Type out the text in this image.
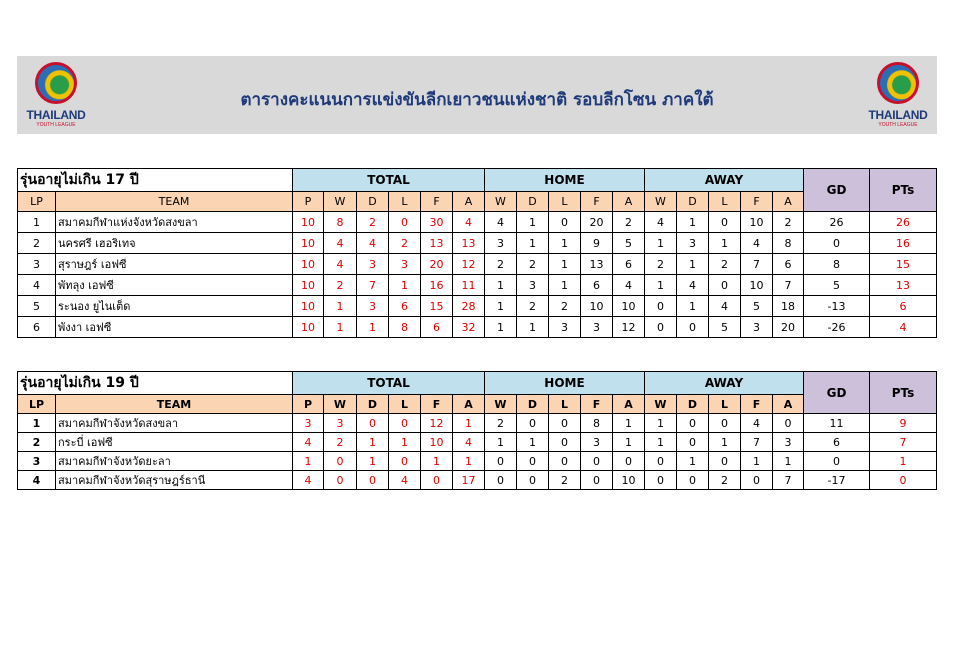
THAILAND
YOUTH LEAGUE
ตารางคะแนนการแข่งขันลีกเยาวชนแห่งชาติ รอบลีกโซน ภาคใต้
THAILAND
YOUTH LEAGUE
รุ่นอายุไม่เกิน 17 ปี		TOTAL						HOME					AWAY					GD	PTs
LP	TEAM	P	W	D	L	F	A	W	D	L	F	A	W	D	L	F	A		
1	สมาคมกีฬาแห่งจังหวัดสงขลา	10	8	2	0	30	4	4	1	0	20	2	4	1	0	10	2	26	26
2	นครศรี เฮอริเทจ	10	4	4	2	13	13	3	1	1	9	5	1	3	1	4	8	0	16
3	สุราษฎร์ เอฟซี	10	4	3	3	20	12	2	2	1	13	6	2	1	2	7	6	8	15
4	พัทลุง เอฟซี	10	2	7	1	16	11	1	3	1	6	4	1	4	0	10	7	5	13
5	ระนอง ยูไนเต็ด	10	1	3	6	15	28	1	2	2	10	10	0	1	4	5	18	-13	6
6	พังงา เอฟซี	10	1	1	8	6	32	1	1	3	3	12	0	0	5	3	20	-26	4
รุ่นอายุไม่เกิน 19 ปี		TOTAL						HOME					AWAY					GD	PTs
LP	TEAM	P	W	D	L	F	A	W	D	L	F	A	W	D	L	F	A		
1	สมาคมกีฬาจังหวัดสงขลา	3	3	0	0	12	1	2	0	0	8	1	1	0	0	4	0	11	9
2	กระบี่ เอฟซี	4	2	1	1	10	4	1	1	0	3	1	1	0	1	7	3	6	7
3	สมาคมกีฬาจังหวัดยะลา	1	0	1	0	1	1	0	0	0	0	0	0	1	0	1	1	0	1
4	สมาคมกีฬาจังหวัดสุราษฎร์ธานี	4	0	0	4	0	17	0	0	2	0	10	0	0	2	0	7	-17	0
